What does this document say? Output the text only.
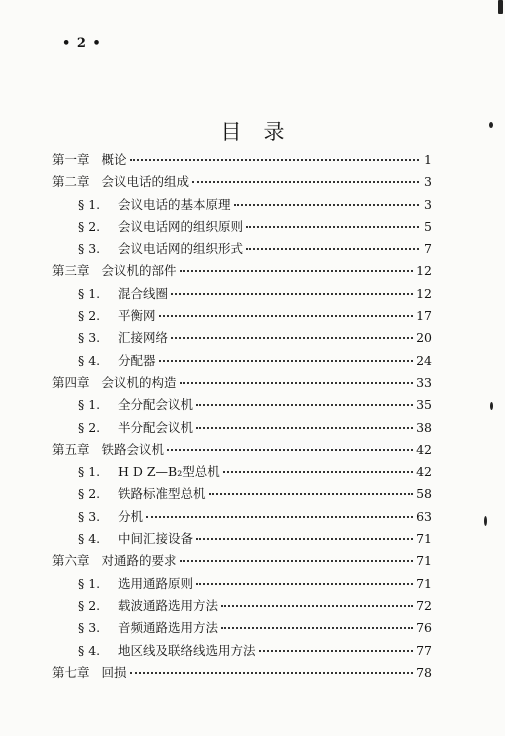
• 2 •
目录
第一章 概论	1
第二章 会议电话的组成	3
§ 1.	会议电话的基本原理	3
§ 2.	会议电话网的组织原则	5
§ 3.	会议电话网的组织形式	7
第三章 会议机的部件	12
§ 1.	混合线圈	12
§ 2.	平衡网	17
§ 3.	汇接网络	20
§ 4.	分配器	24
第四章 会议机的构造	33
§ 1.	全分配会议机	35
§ 2.	半分配会议机	38
第五章 铁路会议机	42
§ 1.	H D Z—B₂型总机	42
§ 2.	铁路标准型总机	58
§ 3.	分机	63
§ 4.	中间汇接设备	71
第六章 对通路的要求	71
§ 1.	选用通路原则	71
§ 2.	载波通路选用方法	72
§ 3.	音频通路选用方法	76
§ 4.	地区线及联络线选用方法	77
第七章 回损	78
